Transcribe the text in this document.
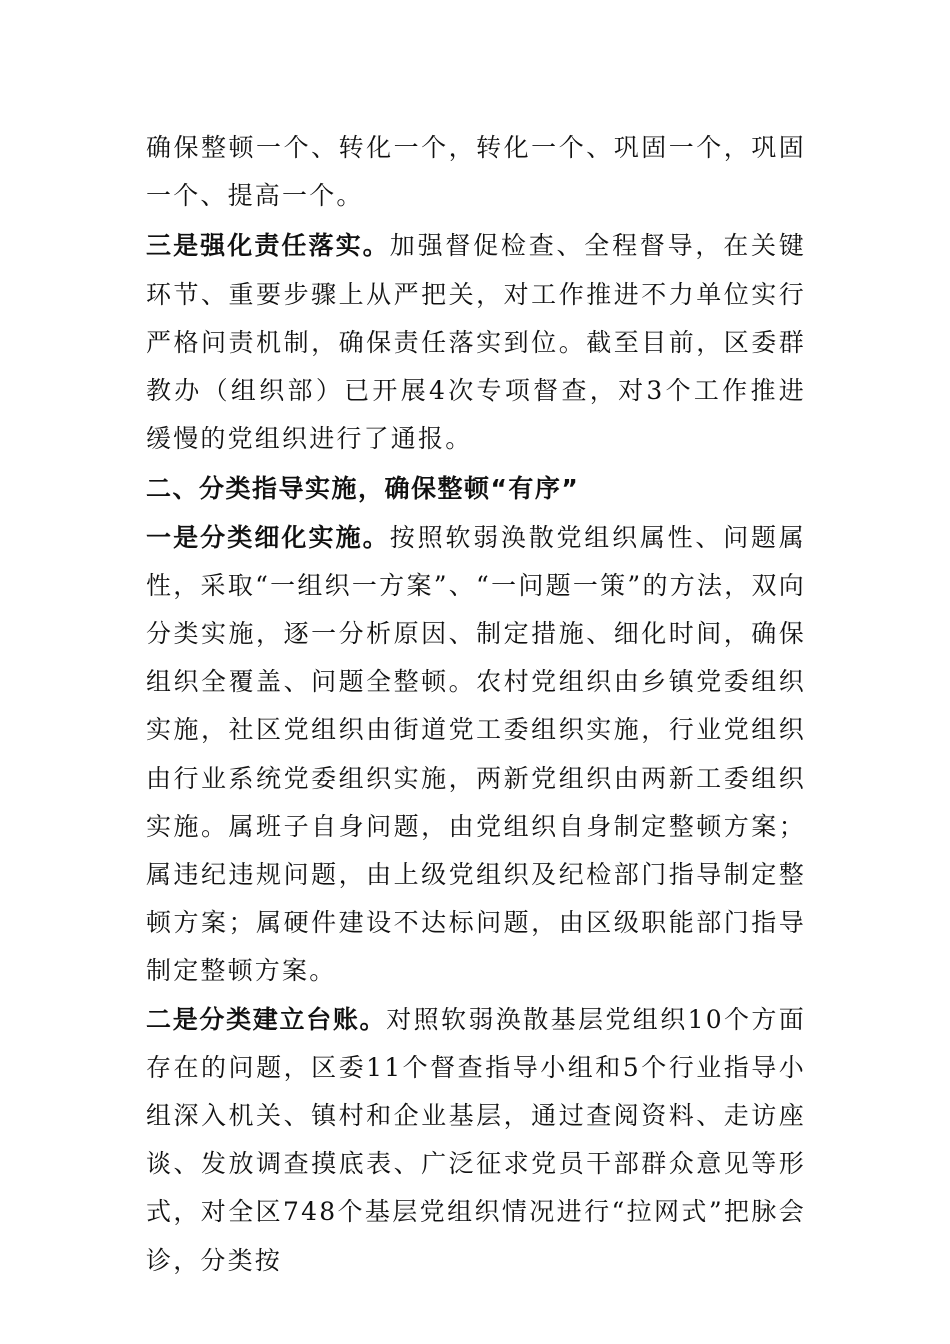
确保整顿一个、转化一个，转化一个、巩固一个，巩固一个、提高一个。

三是强化责任落实。加强督促检查、全程督导，在关键环节、重要步骤上从严把关，对工作推进不力单位实行严格问责机制，确保责任落实到位。截至目前，区委群教办（组织部）已开展4次专项督查，对3个工作推进缓慢的党组织进行了通报。

二、分类指导实施，确保整顿“有序”

一是分类细化实施。按照软弱涣散党组织属性、问题属性，采取“一组织一方案”、“一问题一策”的方法，双向分类实施，逐一分析原因、制定措施、细化时间，确保组织全覆盖、问题全整顿。农村党组织由乡镇党委组织实施，社区党组织由街道党工委组织实施，行业党组织由行业系统党委组织实施，两新党组织由两新工委组织实施。属班子自身问题，由党组织自身制定整顿方案；属违纪违规问题，由上级党组织及纪检部门指导制定整顿方案；属硬件建设不达标问题，由区级职能部门指导制定整顿方案。

二是分类建立台账。对照软弱涣散基层党组织10个方面存在的问题，区委11个督查指导小组和5个行业指导小组深入机关、镇村和企业基层，通过查阅资料、走访座谈、发放调查摸底表、广泛征求党员干部群众意见等形式，对全区748个基层党组织情况进行“拉网式”把脉会诊，分类按
